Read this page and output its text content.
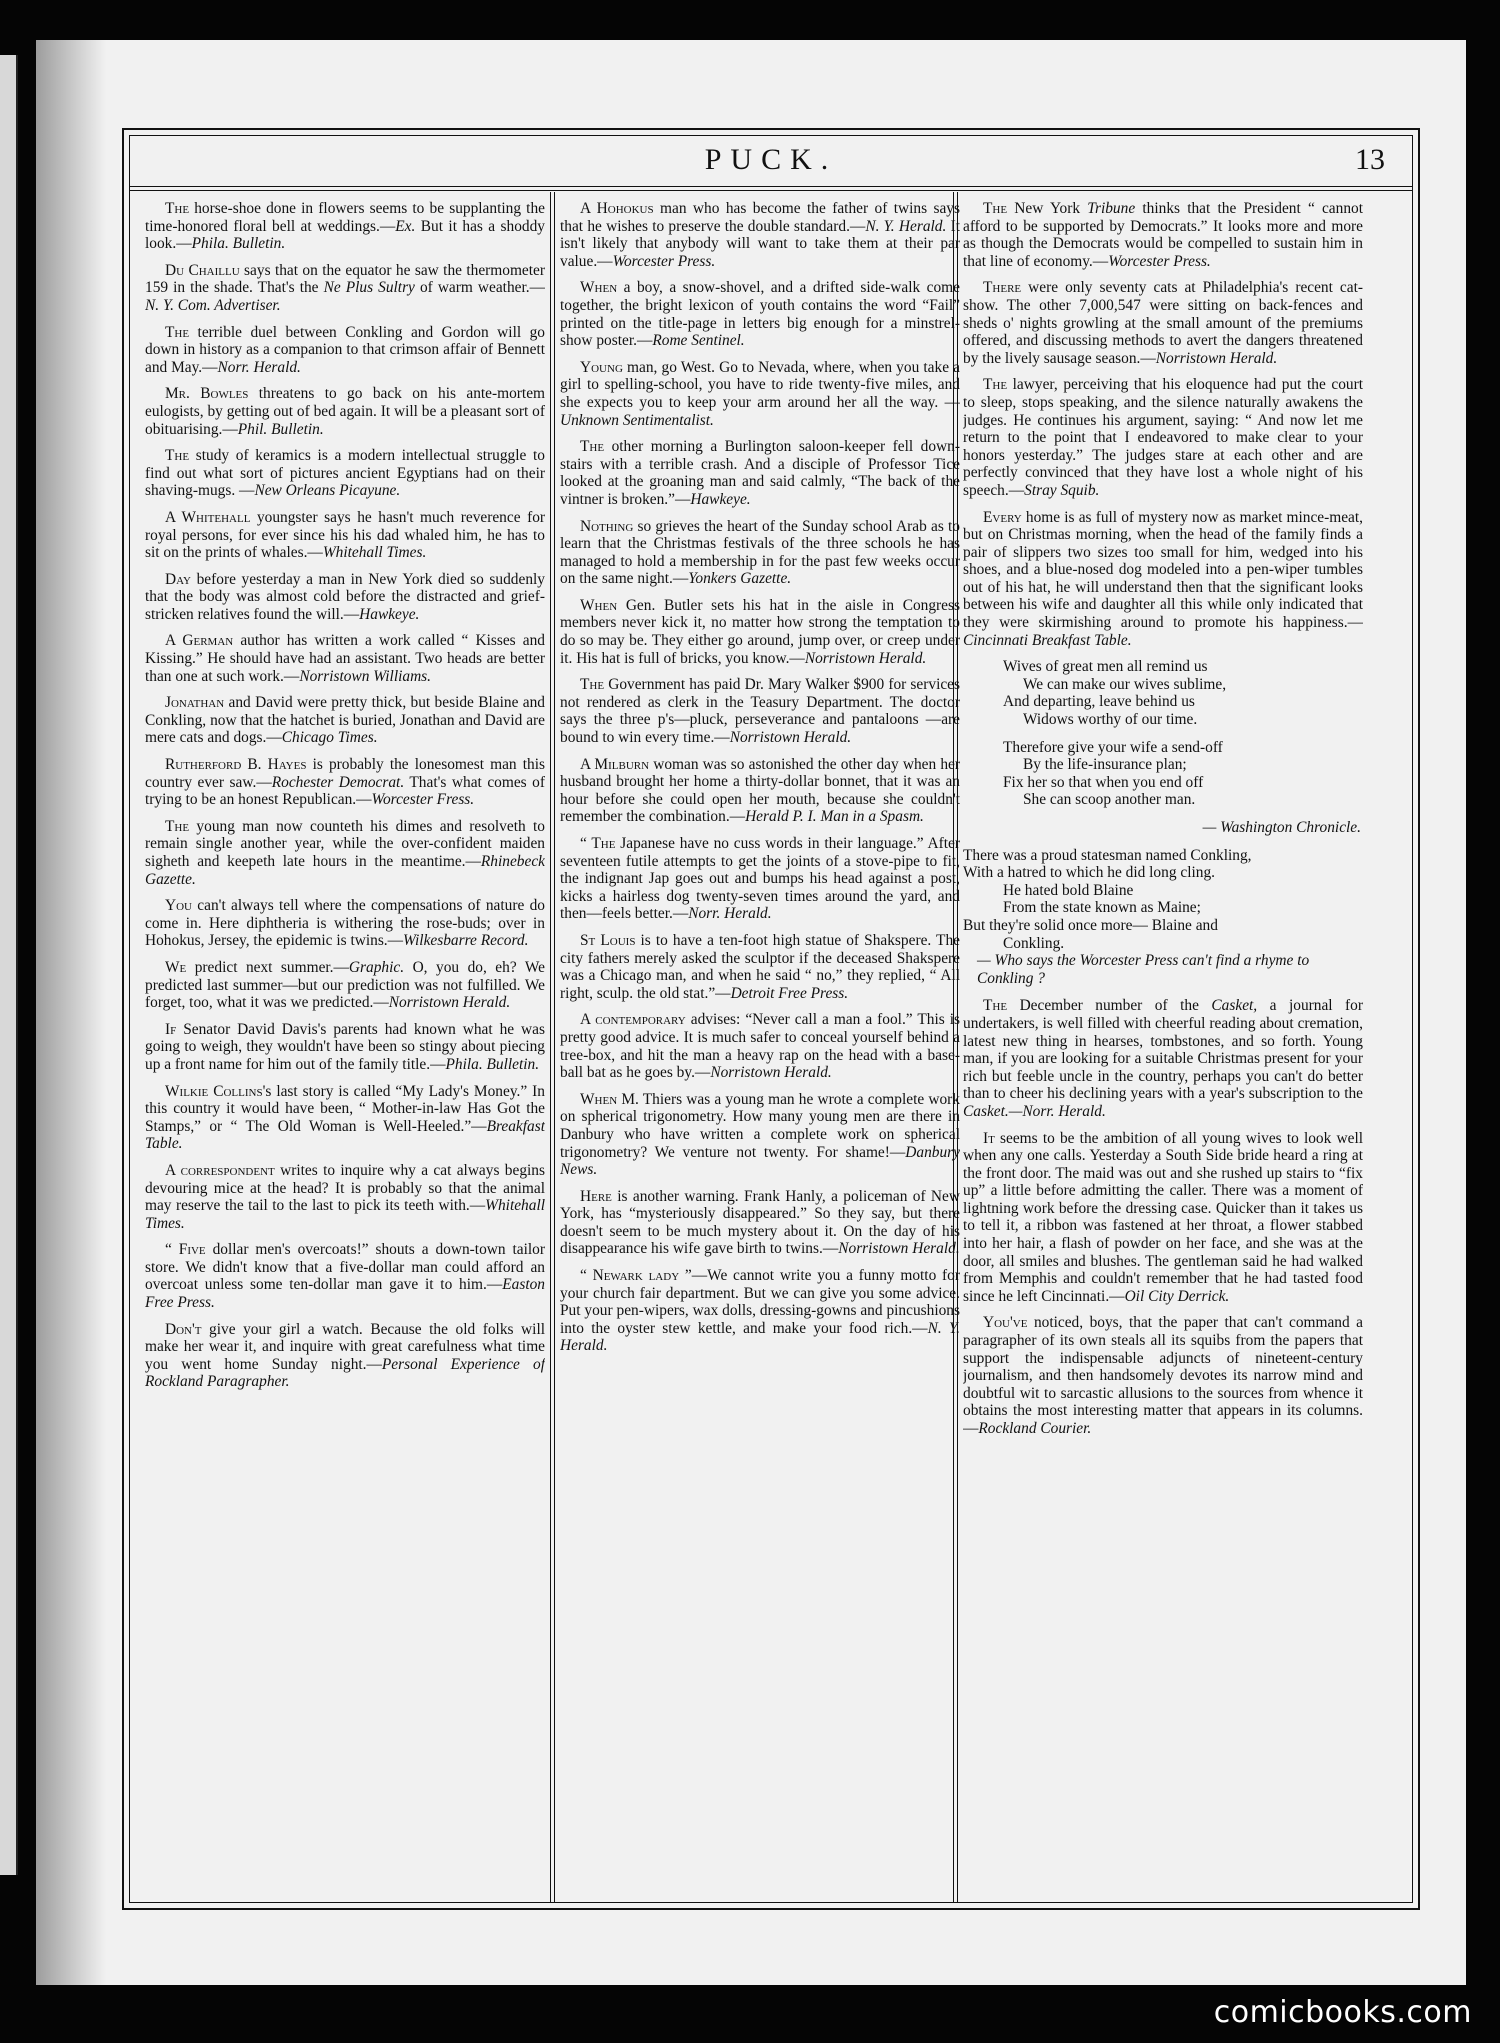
PUCK.	13

The horse-shoe done in flowers seems to be supplanting the time-honored floral bell at weddings.—Ex. But it has a shoddy look.—Phila. Bulletin.

Du Chaillu says that on the equator he saw the thermometer 159 in the shade. That's the Ne Plus Sultry of warm weather.—N. Y. Com. Advertiser.

The terrible duel between Conkling and Gordon will go down in history as a companion to that crimson affair of Bennett and May.—Norr. Herald.

Mr. Bowles threatens to go back on his ante-mortem eulogists, by getting out of bed again. It will be a pleasant sort of obituarising.—Phil. Bulletin.

The study of keramics is a modern intellectual struggle to find out what sort of pictures ancient Egyptians had on their shaving-mugs. —New Orleans Picayune.

A Whitehall youngster says he hasn't much reverence for royal persons, for ever since his his dad whaled him, he has to sit on the prints of whales.—Whitehall Times.

Day before yesterday a man in New York died so suddenly that the body was almost cold before the distracted and grief-stricken relatives found the will.—Hawkeye.

A German author has written a work called “ Kisses and Kissing.” He should have had an assistant. Two heads are better than one at such work.—Norristown Williams.

Jonathan and David were pretty thick, but beside Blaine and Conkling, now that the hatchet is buried, Jonathan and David are mere cats and dogs.—Chicago Times.

Rutherford B. Hayes is probably the lonesomest man this country ever saw.—Rochester Democrat. That's what comes of trying to be an honest Republican.—Worcester Fress.

The young man now counteth his dimes and resolveth to remain single another year, while the over-confident maiden sigheth and keepeth late hours in the meantime.—Rhinebeck Gazette.

You can't always tell where the compensations of nature do come in. Here diphtheria is withering the rose-buds; over in Hohokus, Jersey, the epidemic is twins.—Wilkesbarre Record.

We predict next summer.—Graphic. O, you do, eh? We predicted last summer—but our prediction was not fulfilled. We forget, too, what it was we predicted.—Norristown Herald.

If Senator David Davis's parents had known what he was going to weigh, they wouldn't have been so stingy about piecing up a front name for him out of the family title.—Phila. Bulletin.

Wilkie Collins's last story is called “My Lady's Money.” In this country it would have been, “ Mother-in-law Has Got the Stamps,” or “ The Old Woman is Well-Heeled.”—Breakfast Table.

A correspondent writes to inquire why a cat always begins devouring mice at the head? It is probably so that the animal may reserve the tail to the last to pick its teeth with.—Whitehall Times.

“ Five dollar men's overcoats!” shouts a down-town tailor store. We didn't know that a five-dollar man could afford an overcoat unless some ten-dollar man gave it to him.—Easton Free Press.

Don't give your girl a watch. Because the old folks will make her wear it, and inquire with great carefulness what time you went home Sunday night.—Personal Experience of Rockland Paragrapher.

A Hohokus man who has become the father of twins says that he wishes to preserve the double standard.—N. Y. Herald. It isn't likely that anybody will want to take them at their par value.—Worcester Press.

When a boy, a snow-shovel, and a drifted side-walk come together, the bright lexicon of youth contains the word “Fail” printed on the title-page in letters big enough for a minstrel-show poster.—Rome Sentinel.

Young man, go West. Go to Nevada, where, when you take a girl to spelling-school, you have to ride twenty-five miles, and she expects you to keep your arm around her all the way. —Unknown Sentimentalist.

The other morning a Burlington saloon-keeper fell down-stairs with a terrible crash. And a disciple of Professor Tice looked at the groaning man and said calmly, “The back of the vintner is broken.”—Hawkeye.

Nothing so grieves the heart of the Sunday school Arab as to learn that the Christmas festivals of the three schools he has managed to hold a membership in for the past few weeks occur on the same night.—Yonkers Gazette.

When Gen. Butler sets his hat in the aisle in Congress members never kick it, no matter how strong the temptation to do so may be. They either go around, jump over, or creep under it. His hat is full of bricks, you know.—Norristown Herald.

The Government has paid Dr. Mary Walker $900 for services not rendered as clerk in the Teasury Department. The doctor says the three p's—pluck, perseverance and pantaloons —are bound to win every time.—Norristown Herald.

A Milburn woman was so astonished the other day when her husband brought her home a thirty-dollar bonnet, that it was an hour before she could open her mouth, because she couldn't remember the combination.—Herald P. I. Man in a Spasm.

“ The Japanese have no cuss words in their language.” After seventeen futile attempts to get the joints of a stove-pipe to fit, the indignant Jap goes out and bumps his head against a post, kicks a hairless dog twenty-seven times around the yard, and then—feels better.—Norr. Herald.

St Louis is to have a ten-foot high statue of Shakspere. The city fathers merely asked the sculptor if the deceased Shakspere was a Chicago man, and when he said “ no,” they replied, “ All right, sculp. the old stat.”—Detroit Free Press.

A contemporary advises: “Never call a man a fool.” This is pretty good advice. It is much safer to conceal yourself behind a tree-box, and hit the man a heavy rap on the head with a base-ball bat as he goes by.—Norristown Herald.

When M. Thiers was a young man he wrote a complete work on spherical trigonometry. How many young men are there in Danbury who have written a complete work on spherical trigonometry? We venture not twenty. For shame!—Danbury News.

Here is another warning. Frank Hanly, a policeman of New York, has “mysteriously disappeared.” So they say, but there doesn't seem to be much mystery about it. On the day of his disappearance his wife gave birth to twins.—Norristown Herald.

“ Newark lady ”—We cannot write you a funny motto for your church fair department. But we can give you some advice. Put your pen-wipers, wax dolls, dressing-gowns and pincushions into the oyster stew kettle, and make your food rich.—N. Y. Herald.

The New York Tribune thinks that the President “ cannot afford to be supported by Democrats.” It looks more and more as though the Democrats would be compelled to sustain him in that line of economy.—Worcester Press.

There were only seventy cats at Philadelphia's recent cat-show. The other 7,000,547 were sitting on back-fences and sheds o' nights growling at the small amount of the premiums offered, and discussing methods to avert the dangers threatened by the lively sausage season.—Norristown Herald.

The lawyer, perceiving that his eloquence had put the court to sleep, stops speaking, and the silence naturally awakens the judges. He continues his argument, saying: “ And now let me return to the point that I endeavored to make clear to your honors yesterday.” The judges stare at each other and are perfectly convinced that they have lost a whole night of his speech.—Stray Squib.

Every home is as full of mystery now as market mince-meat, but on Christmas morning, when the head of the family finds a pair of slippers two sizes too small for him, wedged into his shoes, and a blue-nosed dog modeled into a pen-wiper tumbles out of his hat, he will understand then that the significant looks between his wife and daughter all this while only indicated that they were skirmishing around to promote his happiness.—Cincinnati Breakfast Table.

Wives of great men all remind us
We can make our wives sublime,
And departing, leave behind us
Widows worthy of our time.
Therefore give your wife a send-off
By the life-insurance plan;
Fix her so that when you end off
She can scoop another man.
— Washington Chronicle.
There was a proud statesman named Conkling,
With a hatred to which he did long cling.
He hated bold Blaine
From the state known as Maine;
But they're solid once more— Blaine and
Conkling.
— Who says the Worcester Press can't find a rhyme to Conkling ?

The December number of the Casket, a journal for undertakers, is well filled with cheerful reading about cremation, latest new thing in hearses, tombstones, and so forth. Young man, if you are looking for a suitable Christmas present for your rich but feeble uncle in the country, perhaps you can't do better than to cheer his declining years with a year's subscription to the Casket.—Norr. Herald.

It seems to be the ambition of all young wives to look well when any one calls. Yesterday a South Side bride heard a ring at the front door. The maid was out and she rushed up stairs to “fix up” a little before admitting the caller. There was a moment of lightning work before the dressing case. Quicker than it takes us to tell it, a ribbon was fastened at her throat, a flower stabbed into her hair, a flash of powder on her face, and she was at the door, all smiles and blushes. The gentleman said he had walked from Memphis and couldn't remember that he had tasted food since he left Cincinnati.—Oil City Derrick.

You've noticed, boys, that the paper that can't command a paragrapher of its own steals all its squibs from the papers that support the indispensable adjuncts of nineteent-century journalism, and then handsomely devotes its narrow mind and doubtful wit to sarcastic allusions to the sources from whence it obtains the most interesting matter that appears in its columns.—Rockland Courier.

comicbooks.com
